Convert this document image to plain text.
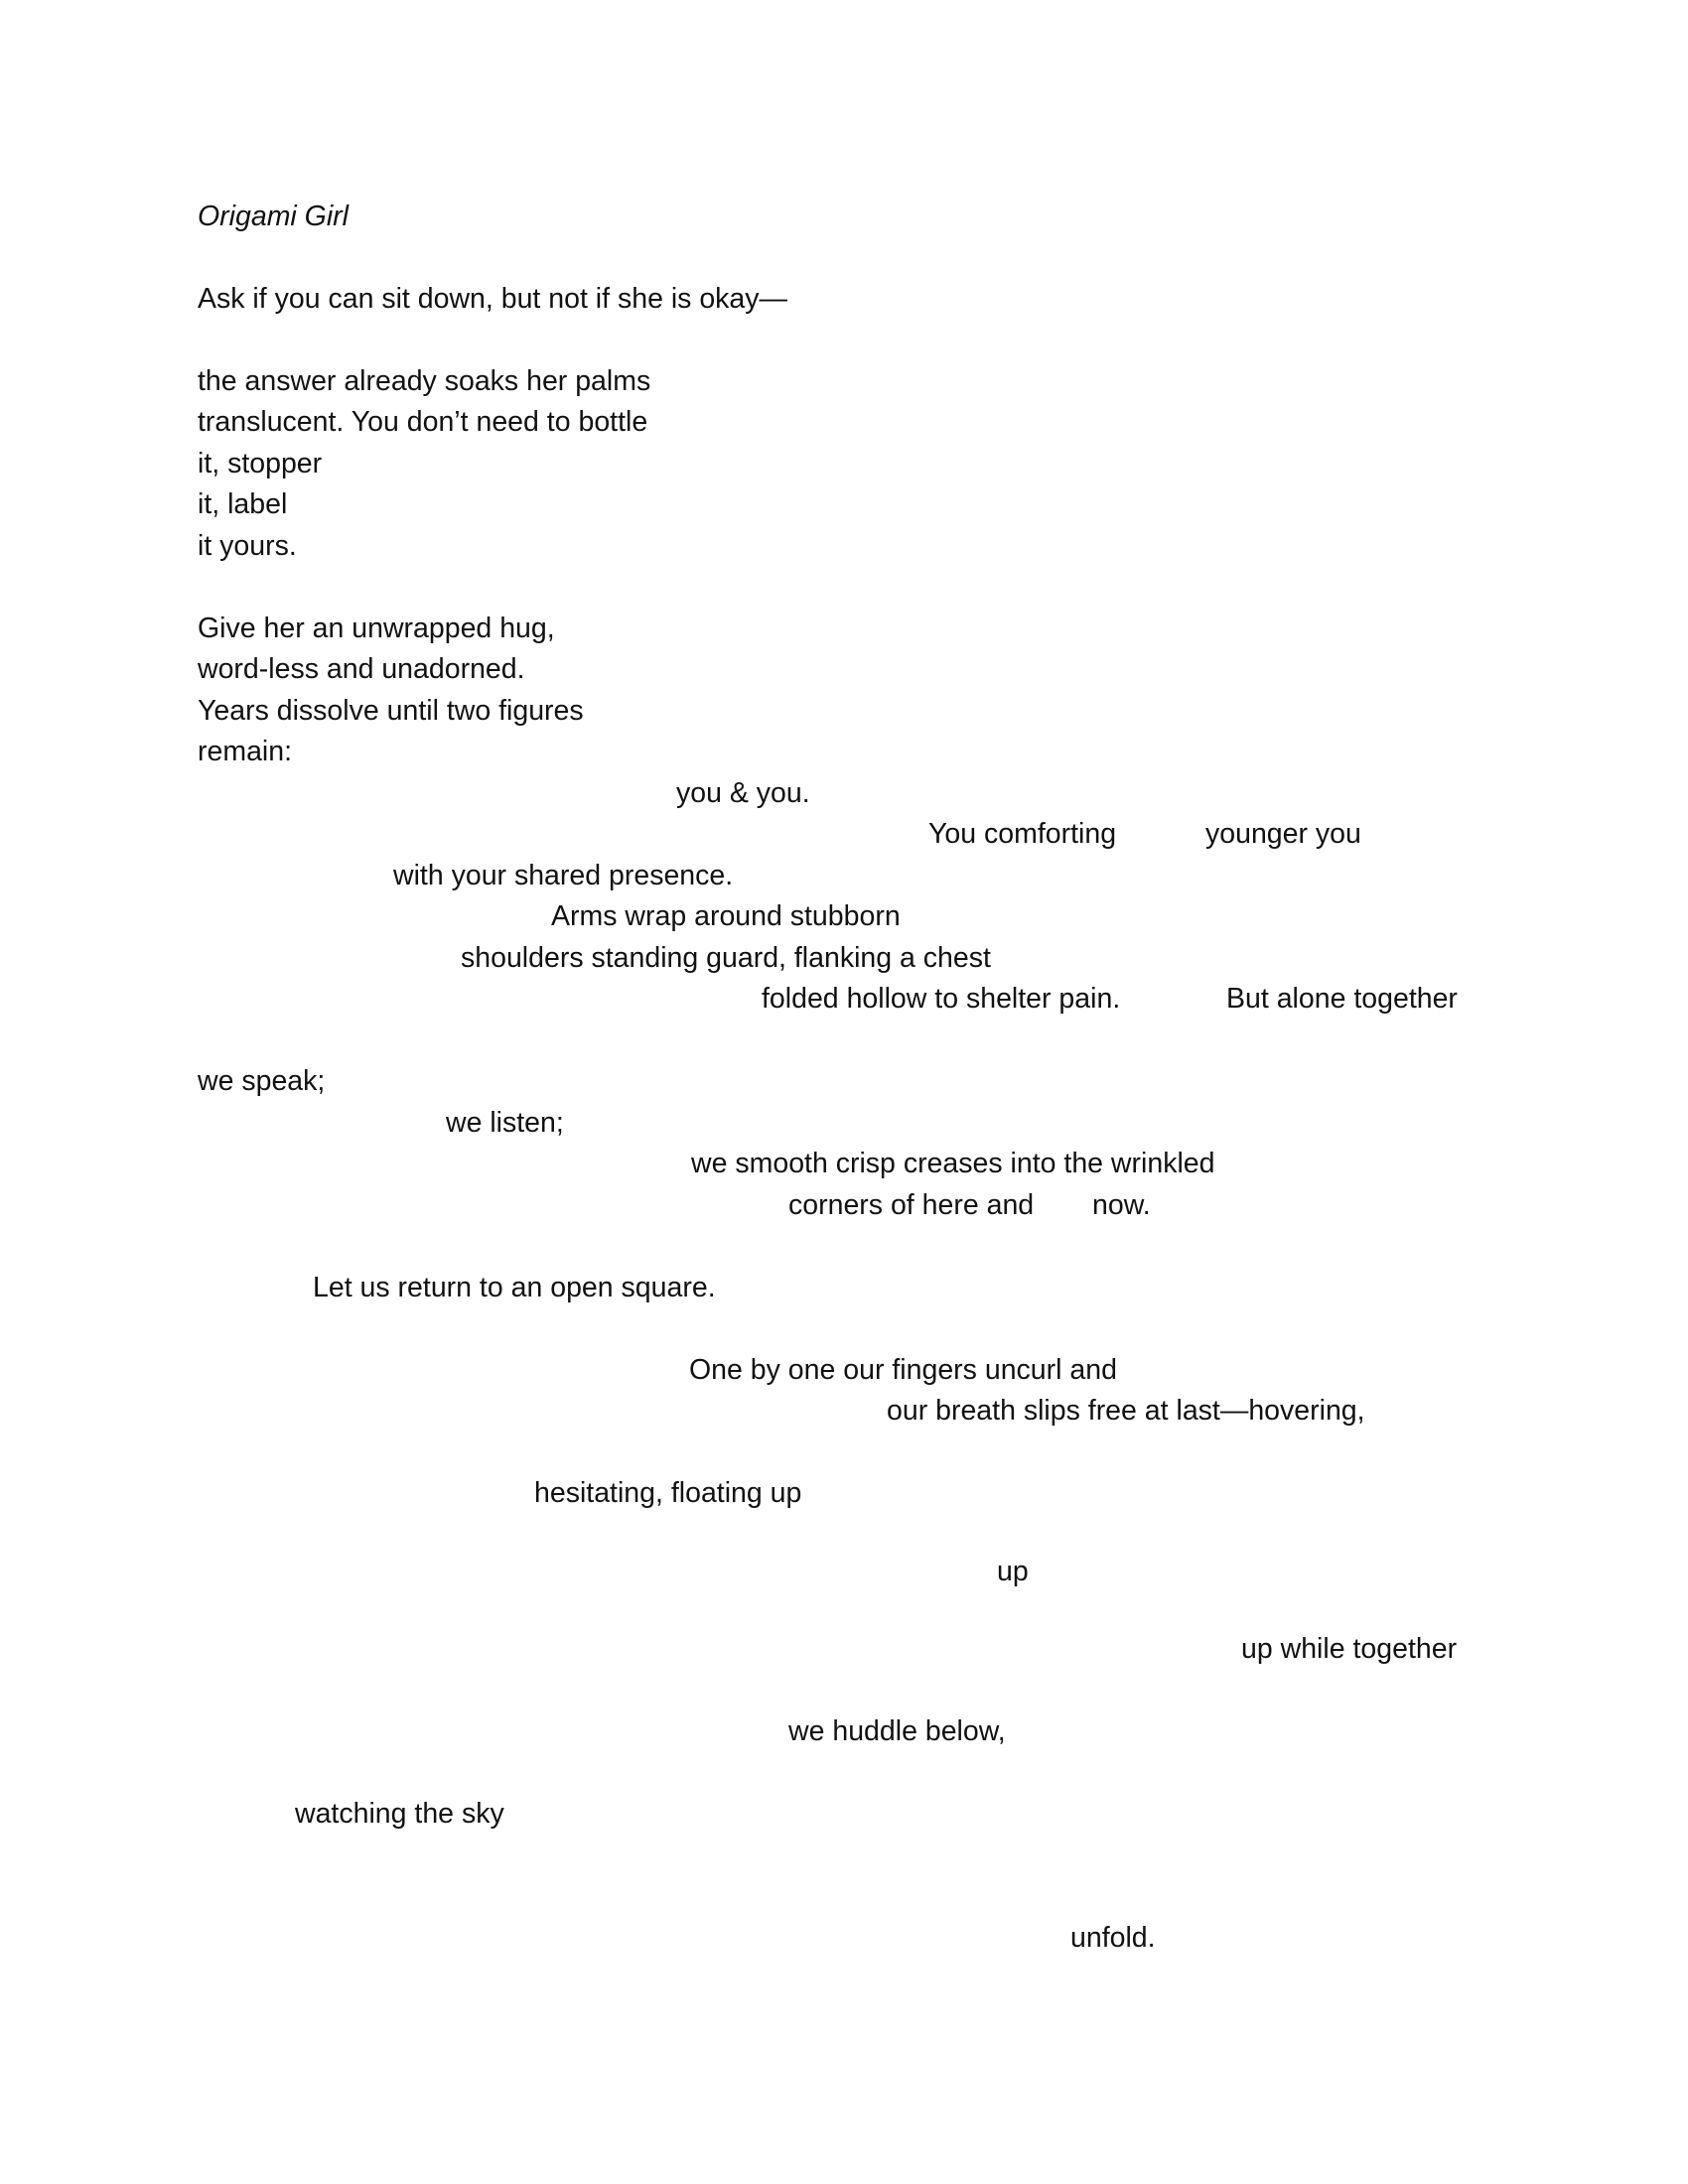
Origami Girl
Ask if you can sit down, but not if she is okay—
the answer already soaks her palms
translucent. You don’t need to bottle
it, stopper
it, label
it yours.
Give her an unwrapped hug,
word-less and unadorned.
Years dissolve until two figures
remain:
you & you.
You comforting	younger you
with your shared presence.
Arms wrap around stubborn
shoulders standing guard, flanking a chest
folded hollow to shelter pain.	But alone together
we speak;
we listen;
we smooth crisp creases into the wrinkled
corners of here and now.
Let us return to an open square.
One by one our fingers uncurl and
our breath slips free at last—hovering,
hesitating, floating up
up
up while together
we huddle below,
watching the sky
unfold.
